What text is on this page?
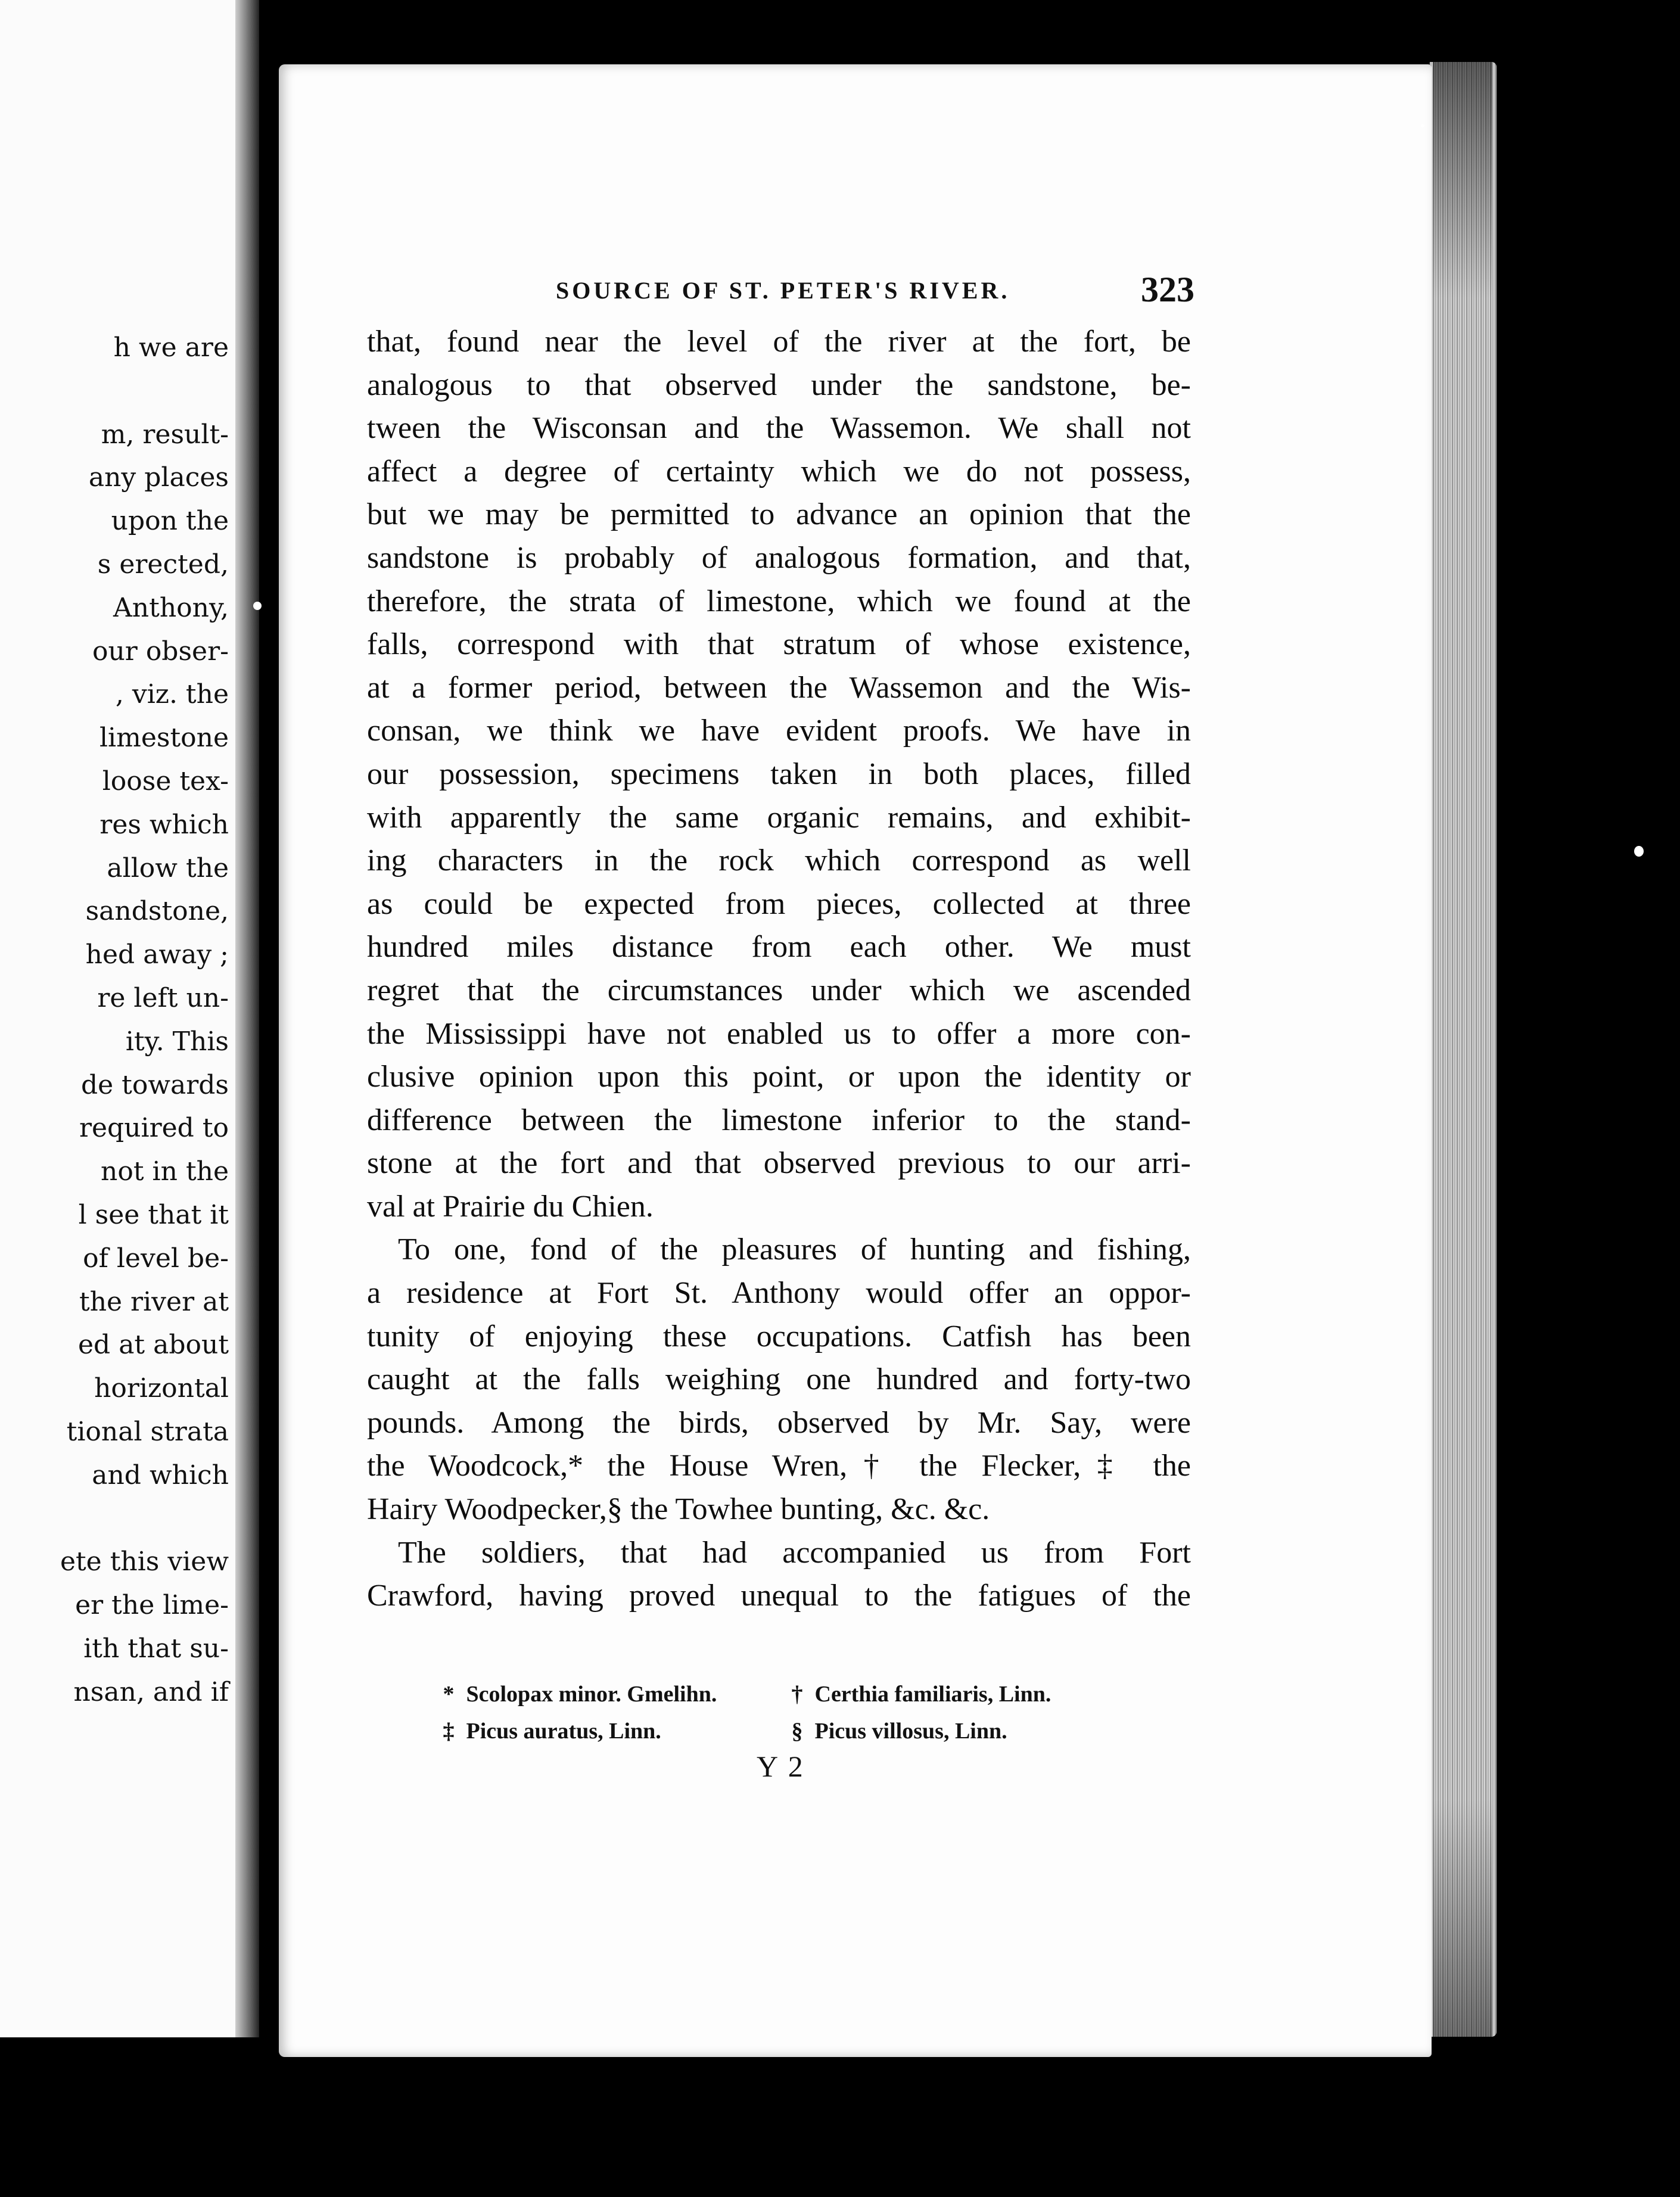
h we are
m, result-
any places
upon the
s erected,
Anthony,
our obser-
, viz. the
limestone
loose tex-
res which
allow the
sandstone,
hed away ;
re left un-
ity. This
de towards
required to
not in the
l see that it
of level be-
the river at
ed at about
horizontal
tional strata
and which
ete this view
er the lime-
ith that su-
nsan, and if
SOURCE OF ST. PETER'S RIVER.	323
that, found near the level of the river at the fort, be
analogous to that observed under the sandstone, be-
tween the Wisconsan and the Wassemon. We shall not
affect a degree of certainty which we do not possess,
but we may be permitted to advance an opinion that the
sandstone is probably of analogous formation, and that,
therefore, the strata of limestone, which we found at the
falls, correspond with that stratum of whose existence,
at a former period, between the Wassemon and the Wis-
consan, we think we have evident proofs. We have in
our possession, specimens taken in both places, filled
with apparently the same organic remains, and exhibit-
ing characters in the rock which correspond as well
as could be expected from pieces, collected at three
hundred miles distance from each other. We must
regret that the circumstances under which we ascended
the Mississippi have not enabled us to offer a more con-
clusive opinion upon this point, or upon the identity or
difference between the limestone inferior to the stand-
stone at the fort and that observed previous to our arri-
val at Prairie du Chien.
To one, fond of the pleasures of hunting and fishing,
a residence at Fort St. Anthony would offer an oppor-
tunity of enjoying these occupations. Catfish has been
caught at the falls weighing one hundred and forty-two
pounds. Among the birds, observed by Mr. Say, were
the Woodcock,* the House Wren,† the Flecker,‡ the
Hairy Woodpecker,§ the Towhee bunting, &c. &c.
The soldiers, that had accompanied us from Fort
Crawford, having proved unequal to the fatigues of the
* Scolopax minor. Gmelihn.	† Certhia familiaris, Linn.
‡ Picus auratus, Linn.	§ Picus villosus, Linn.
Y 2
